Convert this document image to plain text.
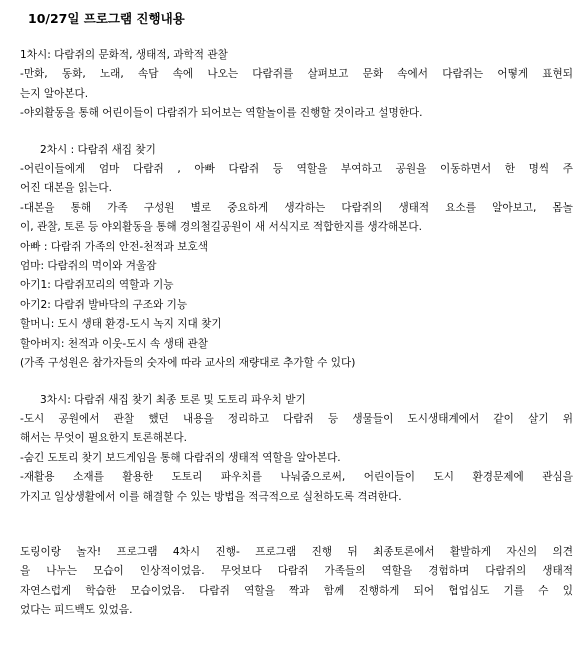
10/27일 프로그램 진행내용
1차시: 다람쥐의 문화적, 생태적, 과학적 관찰
-만화, 동화, 노래, 속담 속에 나오는 다람쥐를 살펴보고 문화 속에서 다람쥐는 어떻게 표현되
는지 알아본다.
-야외활동을 통해 어린이들이 다람쥐가 되어보는 역할놀이를 진행할 것이라고 설명한다.
2차시 : 다람쥐 새집 찾기
-어린이들에게 엄마 다람쥐 , 아빠 다람쥐 등 역할을 부여하고 공원을 이동하면서 한 명씩 주
어진 대본을 읽는다.
-대본을 통해 가족 구성원 별로 중요하게 생각하는 다람쥐의 생태적 요소를 알아보고, 몸놀
이, 관찰, 토론 등 야외활동을 통해 경의철길공원이 새 서식지로 적합한지를 생각해본다.
아빠 : 다람쥐 가족의 안전-천적과 보호색
엄마: 다람쥐의 먹이와 겨울잠
아기1: 다람쥐꼬리의 역할과 기능
아기2: 다람쥐 발바닥의 구조와 기능
할머니: 도시 생태 환경-도시 녹지 지대 찾기
할아버지: 천적과 이웃-도시 속 생태 관찰
(가족 구성원은 참가자들의 숫자에 따라 교사의 재량대로 추가할 수 있다)
3차시: 다람쥐 새집 찾기 최종 토론 및 도토리 파우치 받기
-도시 공원에서 관찰 했던 내용을 정리하고 다람쥐 등 생물들이 도시생태계에서 같이 살기 위
해서는 무엇이 필요한지 토론해본다.
-숨긴 도토리 찾기 보드게임을 통해 다람쥐의 생태적 역할을 알아본다.
-재활용 소재를 활용한 도토리 파우치를 나눠줌으로써, 어린이들이 도시 환경문제에 관심을
가지고 일상생활에서 이를 해결할 수 있는 방법을 적극적으로 실천하도록 격려한다.
도링이랑 놀자! 프로그램 4차시 진행- 프로그램 진행 뒤 최종토론에서 활발하게 자신의 의견
을 나누는 모습이 인상적이었음. 무엇보다 다람쥐 가족들의 역할을 경험하며 다람쥐의 생태적
자연스럽게 학습한 모습이었음. 다람쥐 역할을 짝과 함께 진행하게 되어 협업심도 기를 수 있
었다는 피드백도 있었음.
